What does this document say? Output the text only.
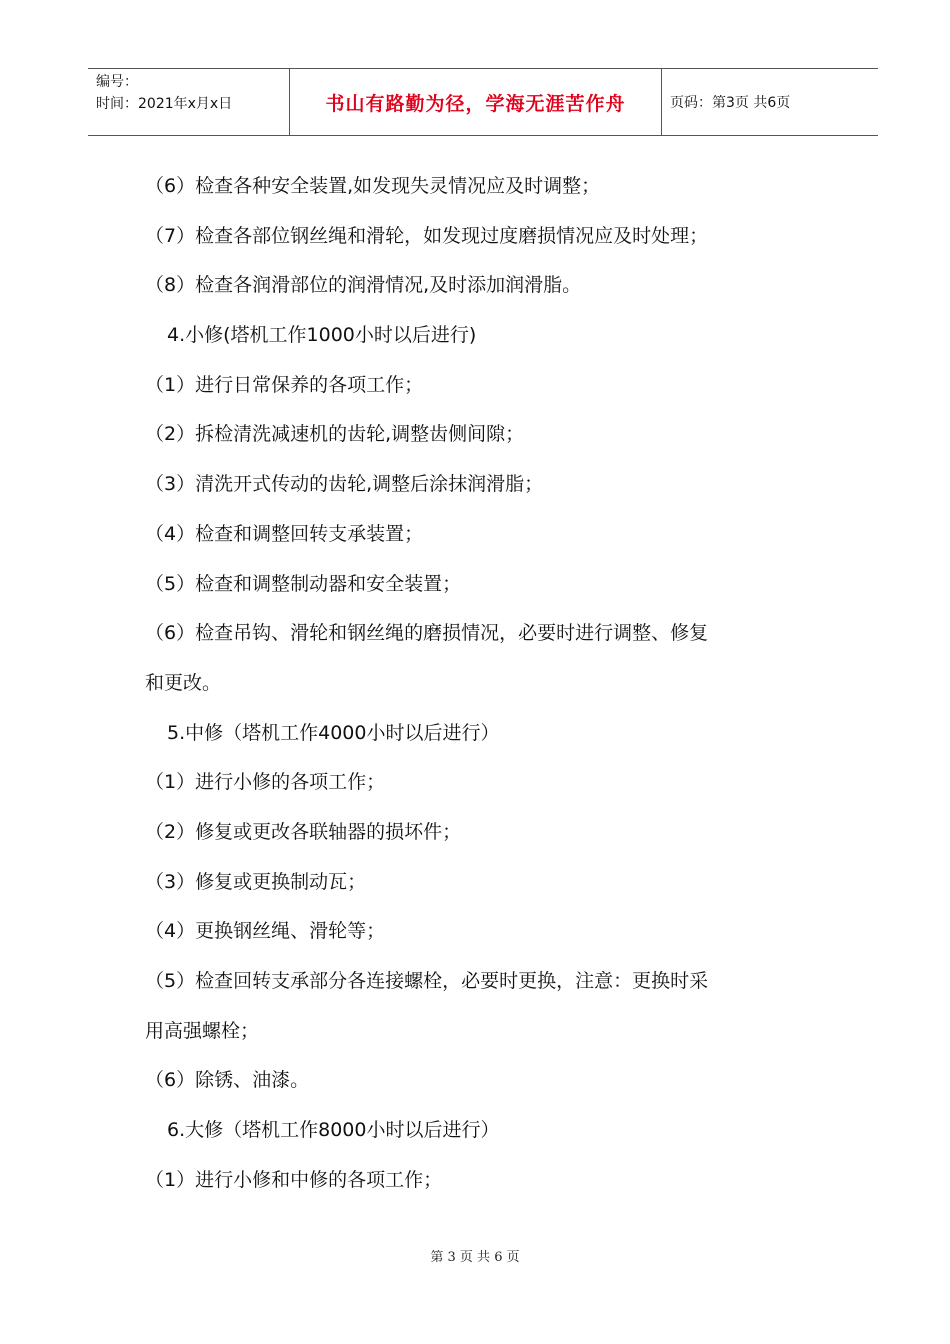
编号：
时间：2021年x月x日	书山有路勤为径，学海无涯苦作舟	页码：第3页 共6页
（6）检查各种安全装置,如发现失灵情况应及时调整；
（7）检查各部位钢丝绳和滑轮，如发现过度磨损情况应及时处理；
（8）检查各润滑部位的润滑情况,及时添加润滑脂。
4.小修(塔机工作1000小时以后进行)
（1）进行日常保养的各项工作；
（2）拆检清洗减速机的齿轮,调整齿侧间隙；
（3）清洗开式传动的齿轮,调整后涂抹润滑脂；
（4）检查和调整回转支承装置；
（5）检查和调整制动器和安全装置；
（6）检查吊钩、滑轮和钢丝绳的磨损情况，必要时进行调整、修复
和更改。
5.中修（塔机工作4000小时以后进行）
（1）进行小修的各项工作；
（2）修复或更改各联轴器的损坏件；
（3）修复或更换制动瓦；
（4）更换钢丝绳、滑轮等；
（5）检查回转支承部分各连接螺栓，必要时更换，注意：更换时采
用高强螺栓；
（6）除锈、油漆。
6.大修（塔机工作8000小时以后进行）
（1）进行小修和中修的各项工作；
第 3 页 共 6 页
